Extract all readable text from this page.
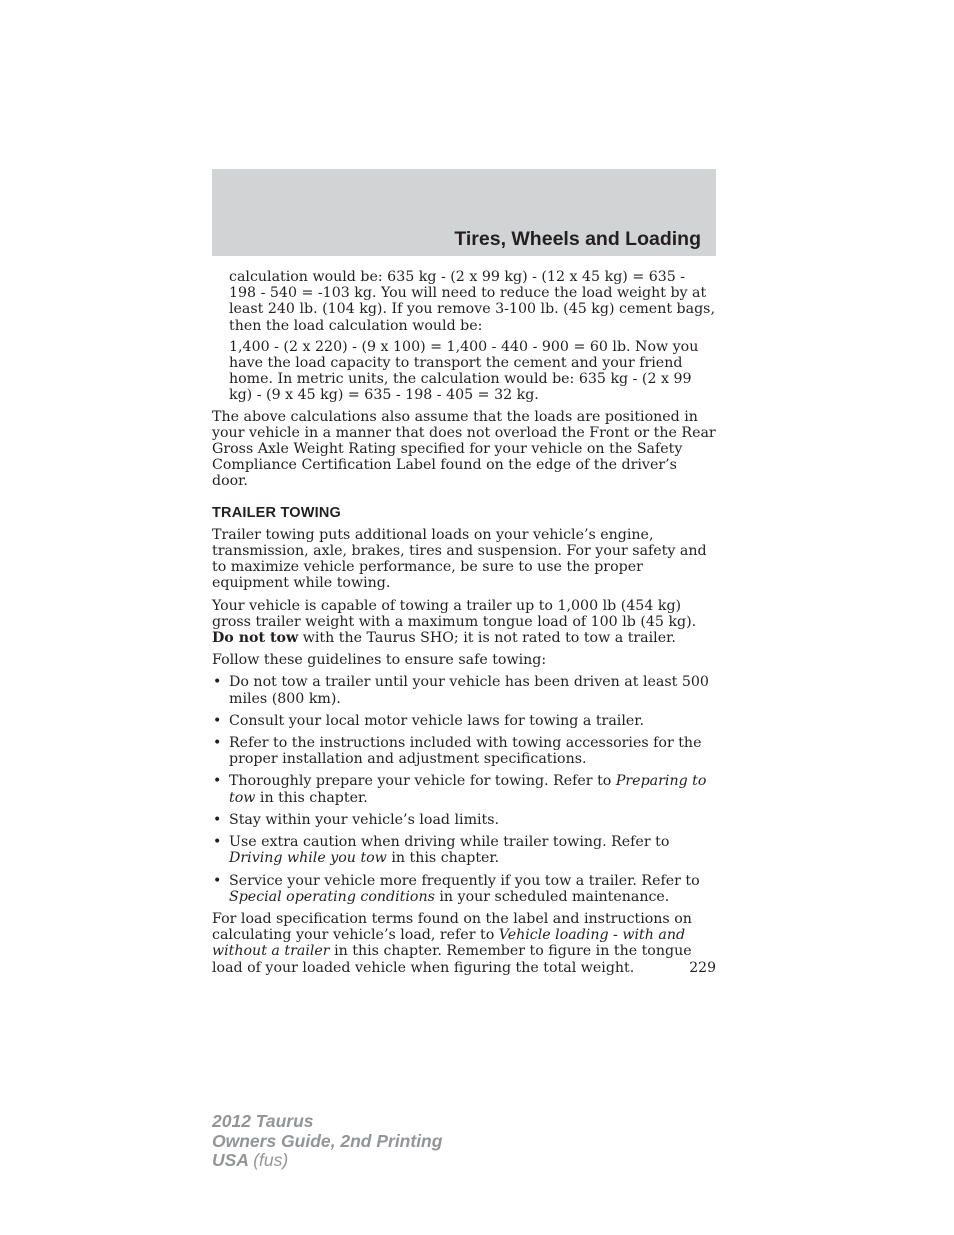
Tires, Wheels and Loading

calculation would be: 635 kg - (2 x 99 kg) - (12 x 45 kg) = 635 - 198 - 540 = -103 kg. You will need to reduce the load weight by at least 240 lb. (104 kg). If you remove 3-100 lb. (45 kg) cement bags, then the load calculation would be:

1,400 - (2 x 220) - (9 x 100) = 1,400 - 440 - 900 = 60 lb. Now you have the load capacity to transport the cement and your friend home. In metric units, the calculation would be: 635 kg - (2 x 99 kg) - (9 x 45 kg) = 635 - 198 - 405 = 32 kg.

The above calculations also assume that the loads are positioned in your vehicle in a manner that does not overload the Front or the Rear Gross Axle Weight Rating specified for your vehicle on the Safety Compliance Certification Label found on the edge of the driver’s door.

TRAILER TOWING

Trailer towing puts additional loads on your vehicle’s engine, transmission, axle, brakes, tires and suspension. For your safety and to maximize vehicle performance, be sure to use the proper equipment while towing.

Your vehicle is capable of towing a trailer up to 1,000 lb (454 kg) gross trailer weight with a maximum tongue load of 100 lb (45 kg). Do not tow with the Taurus SHO; it is not rated to tow a trailer.

Follow these guidelines to ensure safe towing:

• Do not tow a trailer until your vehicle has been driven at least 500 miles (800 km).
• Consult your local motor vehicle laws for towing a trailer.
• Refer to the instructions included with towing accessories for the proper installation and adjustment specifications.
• Thoroughly prepare your vehicle for towing. Refer to Preparing to tow in this chapter.
• Stay within your vehicle’s load limits.
• Use extra caution when driving while trailer towing. Refer to Driving while you tow in this chapter.
• Service your vehicle more frequently if you tow a trailer. Refer to Special operating conditions in your scheduled maintenance.

For load specification terms found on the label and instructions on calculating your vehicle’s load, refer to Vehicle loading - with and without a trailer in this chapter. Remember to figure in the tongue load of your loaded vehicle when figuring the total weight.	229
2012 Taurus
Owners Guide, 2nd Printing
USA (fus)
